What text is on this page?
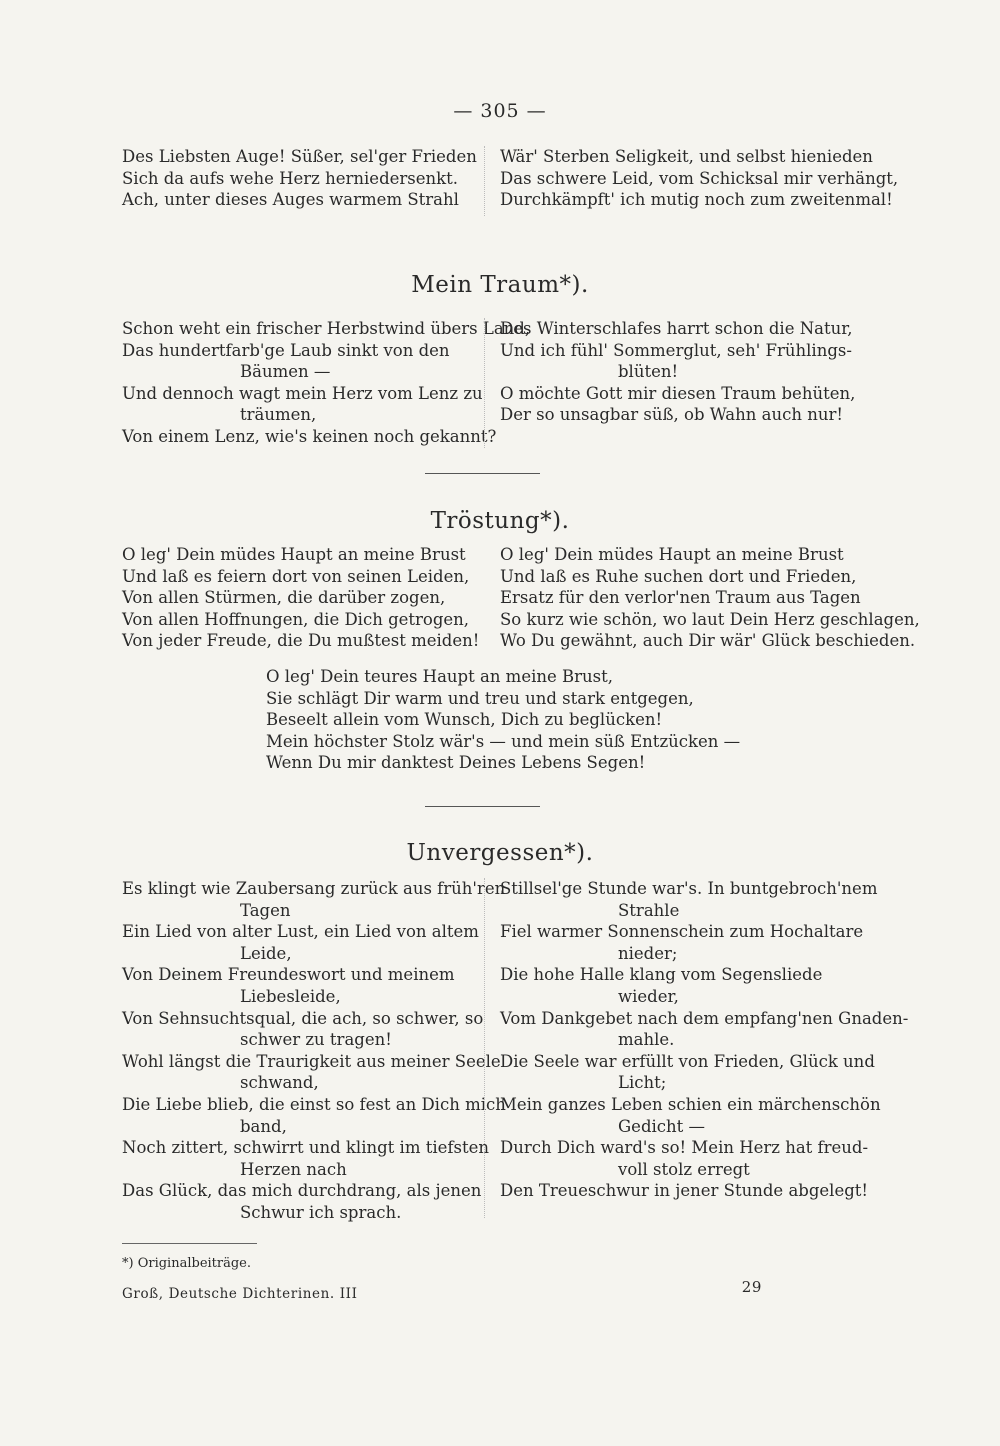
— 305 —
Des Liebsten Auge! Süßer, sel'ger Frieden
Sich da aufs wehe Herz herniedersenkt.
Ach, unter dieses Auges warmem Strahl
Wär' Sterben Seligkeit, und selbst hienieden
Das schwere Leid, vom Schicksal mir verhängt,
Durchkämpft' ich mutig noch zum zweitenmal!
Mein Traum*).
Schon weht ein frischer Herbstwind übers Land,
Das hundertfarb'ge Laub sinkt von den
Bäumen —
Und dennoch wagt mein Herz vom Lenz zu
träumen,
Von einem Lenz, wie's keinen noch gekannt?
Des Winterschlafes harrt schon die Natur,
Und ich fühl' Sommerglut, seh' Frühlings-
blüten!
O möchte Gott mir diesen Traum behüten,
Der so unsagbar süß, ob Wahn auch nur!
Tröstung*).
O leg' Dein müdes Haupt an meine Brust
Und laß es feiern dort von seinen Leiden,
Von allen Stürmen, die darüber zogen,
Von allen Hoffnungen, die Dich getrogen,
Von jeder Freude, die Du mußtest meiden!
O leg' Dein müdes Haupt an meine Brust
Und laß es Ruhe suchen dort und Frieden,
Ersatz für den verlor'nen Traum aus Tagen
So kurz wie schön, wo laut Dein Herz geschlagen,
Wo Du gewähnt, auch Dir wär' Glück beschieden.
O leg' Dein teures Haupt an meine Brust,
Sie schlägt Dir warm und treu und stark entgegen,
Beseelt allein vom Wunsch, Dich zu beglücken!
Mein höchster Stolz wär's — und mein süß Entzücken —
Wenn Du mir danktest Deines Lebens Segen!
Unvergessen*).
Es klingt wie Zaubersang zurück aus früh'ren
Tagen
Ein Lied von alter Lust, ein Lied von altem
Leide,
Von Deinem Freundeswort und meinem
Liebesleide,
Von Sehnsuchtsqual, die ach, so schwer, so
schwer zu tragen!
Wohl längst die Traurigkeit aus meiner Seele
schwand,
Die Liebe blieb, die einst so fest an Dich mich
band,
Noch zittert, schwirrt und klingt im tiefsten
Herzen nach
Das Glück, das mich durchdrang, als jenen
Schwur ich sprach.
Stillsel'ge Stunde war's. In buntgebroch'nem
Strahle
Fiel warmer Sonnenschein zum Hochaltare
nieder;
Die hohe Halle klang vom Segensliede
wieder,
Vom Dankgebet nach dem empfang'nen Gnaden-
mahle.
Die Seele war erfüllt von Frieden, Glück und
Licht;
Mein ganzes Leben schien ein märchenschön
Gedicht —
Durch Dich ward's so! Mein Herz hat freud-
voll stolz erregt
Den Treueschwur in jener Stunde abgelegt!
*) Originalbeiträge.
Groß, Deutsche Dichterinen. III	29
